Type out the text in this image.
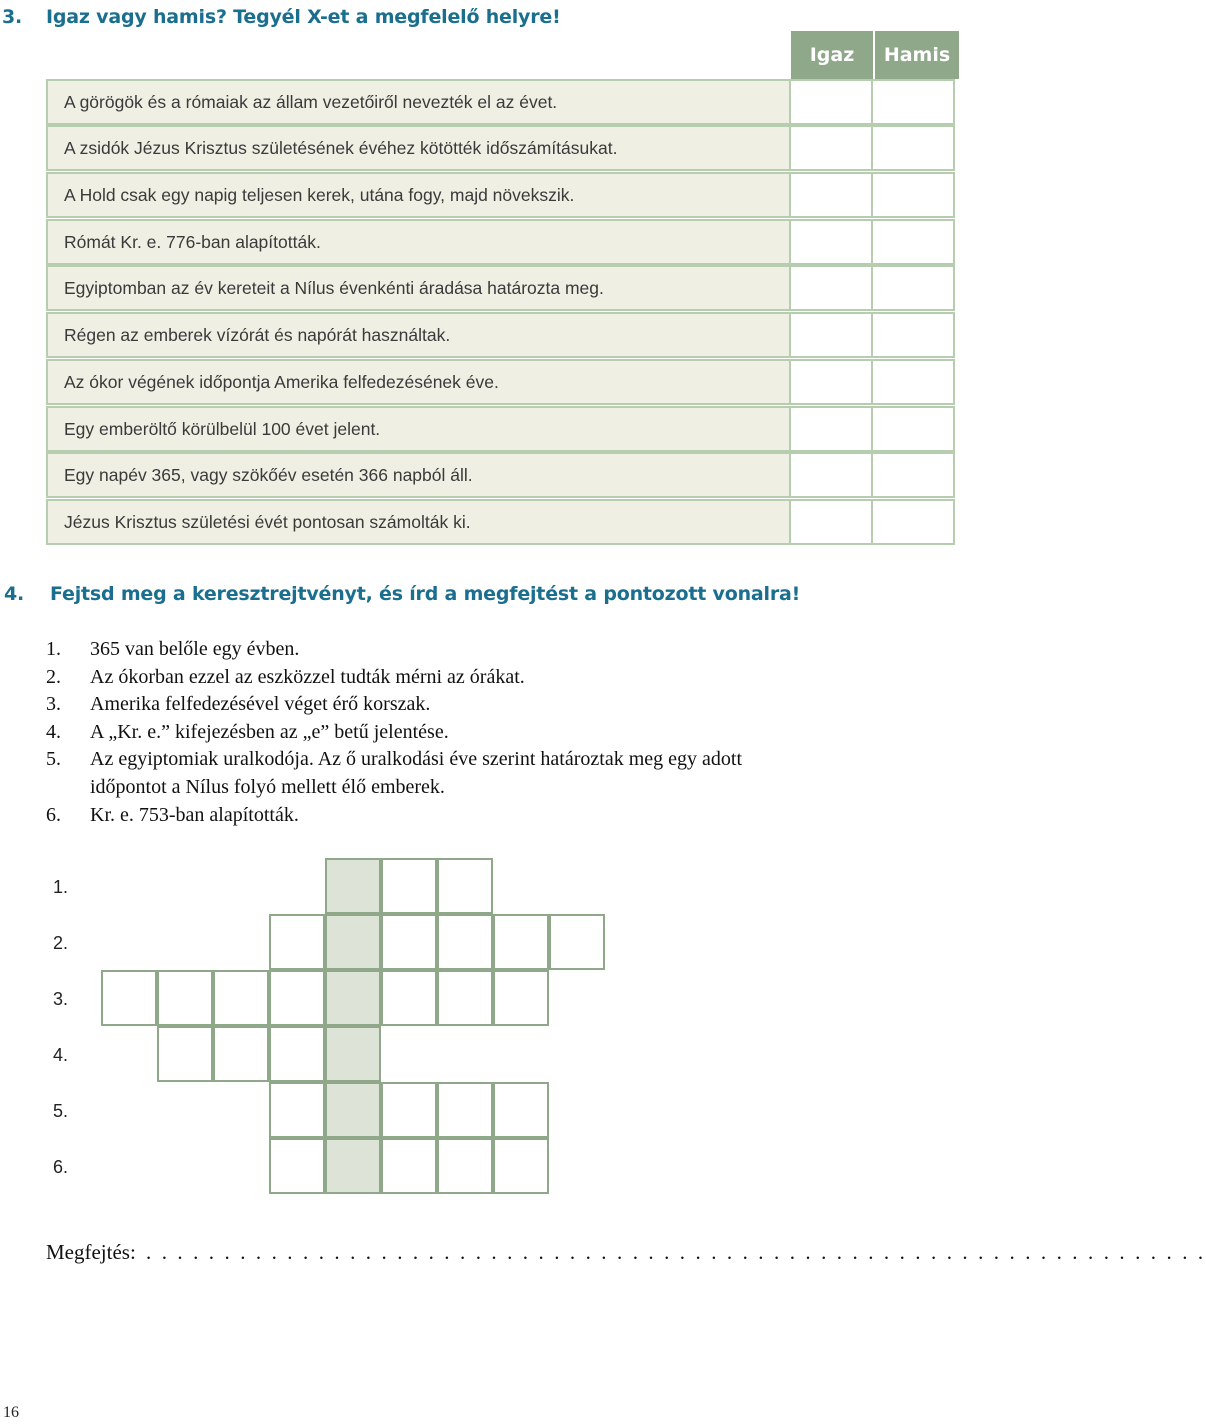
3. Igaz vagy hamis? Tegyél X-et a megfelelő helyre!
Igaz	Hamis
A görögök és a rómaiak az állam vezetőiről nevezték el az évet.
A zsidók Jézus Krisztus születésének évéhez kötötték időszámításukat.
A Hold csak egy napig teljesen kerek, utána fogy, majd növekszik.
Rómát Kr. e. 776-ban alapították.
Egyiptomban az év kereteit a Nílus évenkénti áradása határozta meg.
Régen az emberek vízórát és napórát használtak.
Az ókor végének időpontja Amerika felfedezésének éve.
Egy emberöltő körülbelül 100 évet jelent.
Egy napév 365, vagy szökőév esetén 366 napból áll.
Jézus Krisztus születési évét pontosan számolták ki.
4. Fejtsd meg a keresztrejtvényt, és írd a megfejtést a pontozott vonalra!
1. 365 van belőle egy évben.
2. Az ókorban ezzel az eszközzel tudták mérni az órákat.
3. Amerika felfedezésével véget érő korszak.
4. A „Kr. e.” kifejezésben az „e” betű jelentése.
5. Az egyiptomiak uralkodója. Az ő uralkodási éve szerint határoztak meg egy adott időpontot a Nílus folyó mellett élő emberek.
6. Kr. e. 753-ban alapították.
1.
2.
3.
4.
5.
6.
Megfejtés: . . . . . . . . . . . . . . . . . . . . . . . . . . . . . . . . . . . . . . . . . . . . . . . . . . . . . . . . . . . . . . . . . . . .
16
